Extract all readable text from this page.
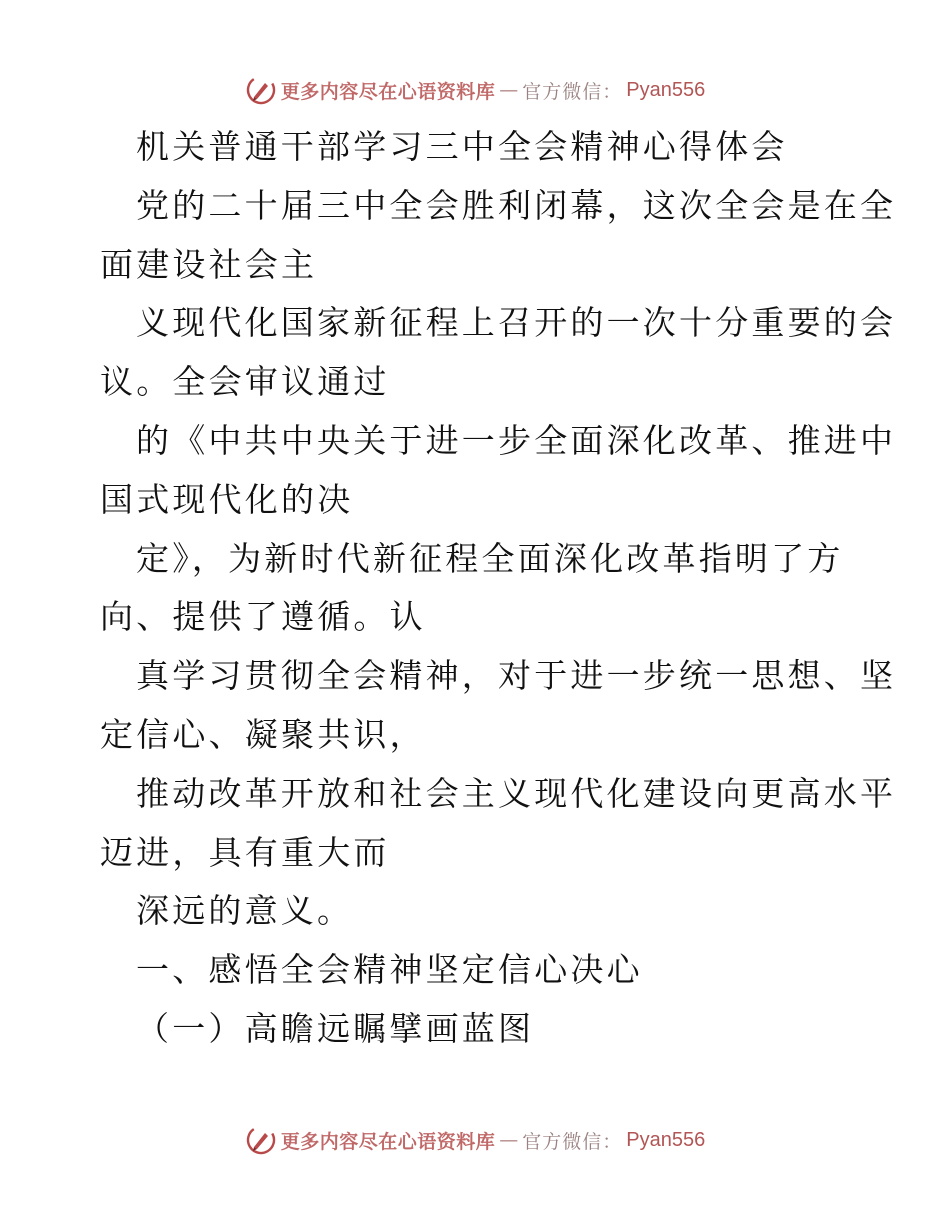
更多内容尽在心语资料库 — 官方微信： Pyan556
机关普通干部学习三中全会精神心得体会
党的二十届三中全会胜利闭幕，这次全会是在全
面建设社会主
义现代化国家新征程上召开的一次十分重要的会
议。全会审议通过
的《中共中央关于进一步全面深化改革、推进中
国式现代化的决
定》，为新时代新征程全面深化改革指明了方
向、提供了遵循。认
真学习贯彻全会精神，对于进一步统一思想、坚
定信心、凝聚共识，
推动改革开放和社会主义现代化建设向更高水平
迈进，具有重大而
深远的意义。
一、感悟全会精神坚定信心决心
（一）高瞻远瞩擘画蓝图
更多内容尽在心语资料库 — 官方微信： Pyan556
